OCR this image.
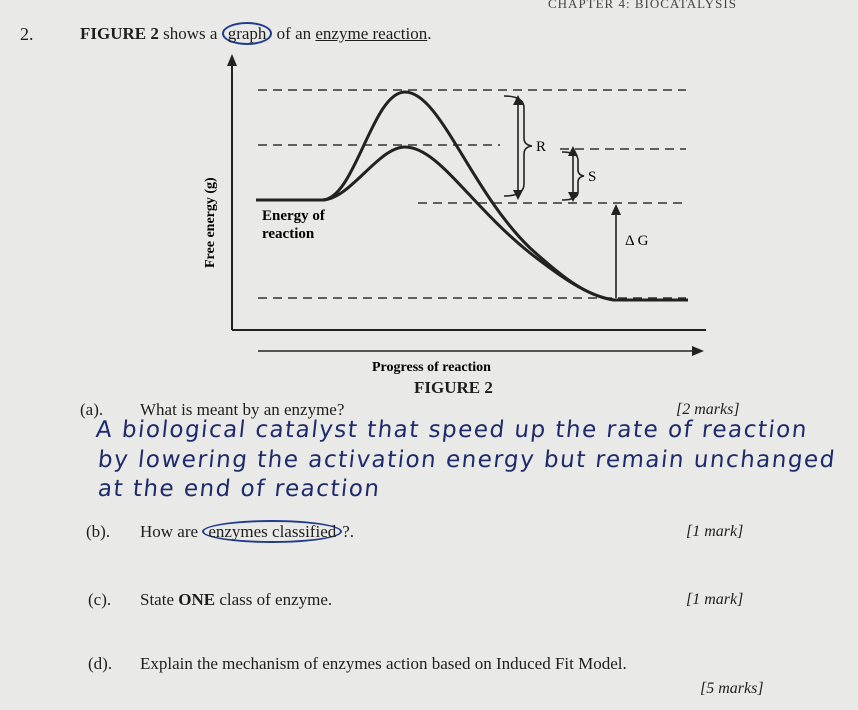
CHAPTER 4: BIOCATALYSIS
2.	FIGURE 2 shows a graph of an enzyme reaction.
R
S
Δ G
Energy of
reaction
Free energy (g)
Progress of reaction
FIGURE 2
(a). What is meant by an enzyme?	[2 marks]
A biological catalyst that speed up the rate of reaction
by lowering the activation energy but remain unchanged
at the end of reaction
(b). How are enzymes classified ?.	[1 mark]
(c). State ONE class of enzyme.	[1 mark]
(d). Explain the mechanism of enzymes action based on Induced Fit Model.
[5 marks]
